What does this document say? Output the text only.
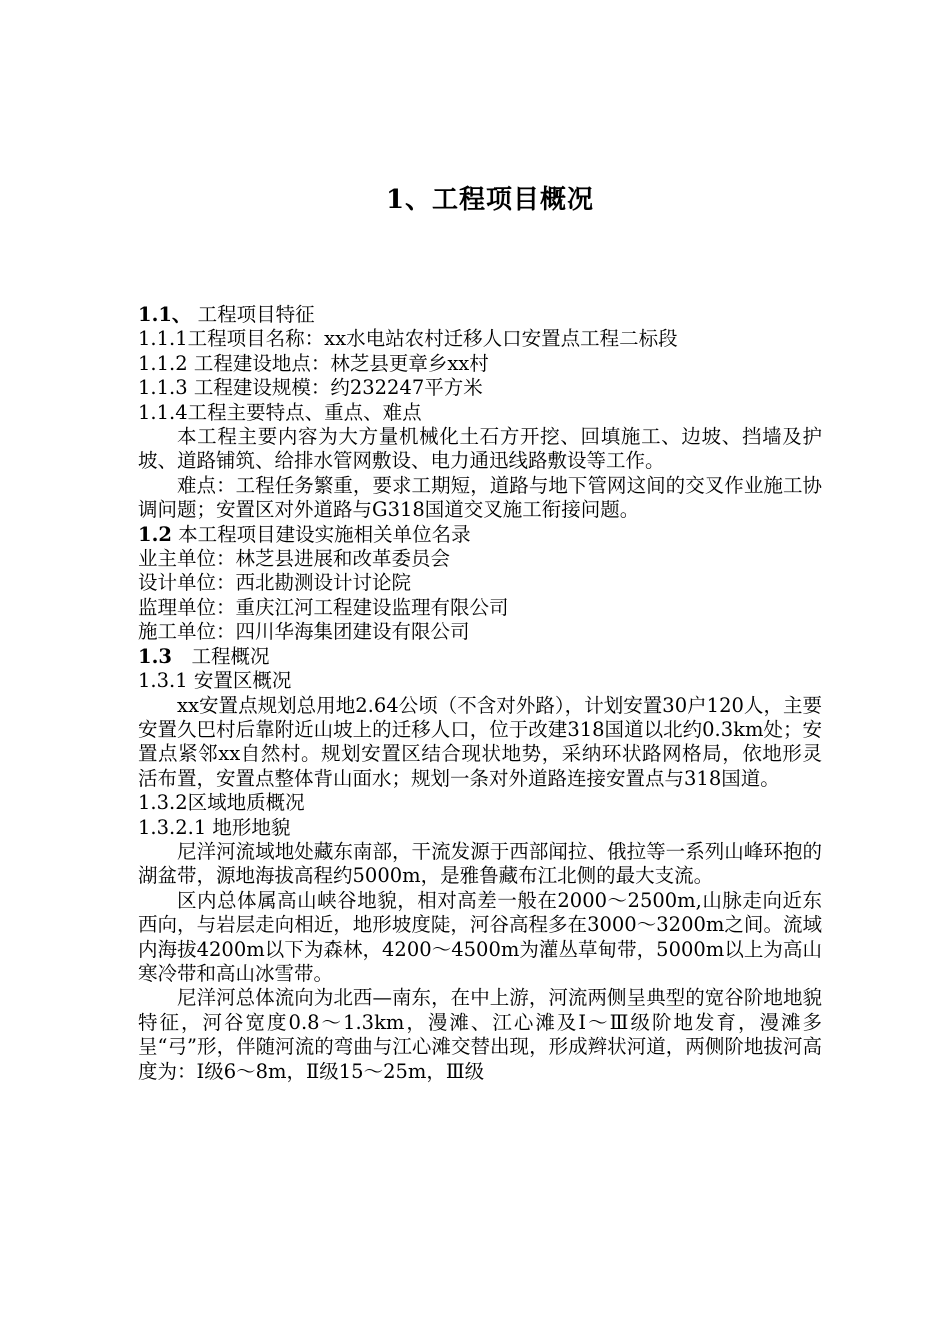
1、工程项目概况

1.1、 工程项目特征

1.1.1工程项目名称：xx水电站农村迁移人口安置点工程二标段

1.1.2 工程建设地点：林芝县更章乡xx村

1.1.3 工程建设规模：约232247平方米

1.1.4工程主要特点、重点、难点

本工程主要内容为大方量机械化土石方开挖、回填施工、边坡、挡墙及护坡、道路铺筑、给排水管网敷设、电力通迅线路敷设等工作。

难点：工程任务繁重，要求工期短，道路与地下管网这间的交叉作业施工协调问题；安置区对外道路与G318国道交叉施工衔接问题。

1.2 本工程项目建设实施相关单位名录

业主单位：林芝县进展和改革委员会

设计单位：西北勘测设计讨论院

监理单位：重庆江河工程建设监理有限公司

施工单位：四川华海集团建设有限公司

1.3　工程概况

1.3.1 安置区概况

xx安置点规划总用地2.64公顷（不含对外路），计划安置30户120人，主要安置久巴村后靠附近山坡上的迁移人口，位于改建318国道以北约0.3km处；安置点紧邻xx自然村。规划安置区结合现状地势，采纳环状路网格局，依地形灵活布置，安置点整体背山面水；规划一条对外道路连接安置点与318国道。

1.3.2区域地质概况

1.3.2.1 地形地貌

尼洋河流域地处藏东南部，干流发源于西部闻拉、俄拉等一系列山峰环抱的湖盆带，源地海拔高程约5000m，是雅鲁藏布江北侧的最大支流。

区内总体属高山峡谷地貌，相对高差一般在2000～2500m,山脉走向近东西向，与岩层走向相近，地形坡度陡，河谷高程多在3000～3200m之间。流域内海拔4200m以下为森林，4200～4500m为灌丛草甸带，5000m以上为高山寒冷带和高山冰雪带。

尼洋河总体流向为北西—南东，在中上游，河流两侧呈典型的宽谷阶地地貌特征，河谷宽度0.8～1.3km，漫滩、江心滩及Ⅰ～Ⅲ级阶地发育，漫滩多呈“弓”形，伴随河流的弯曲与江心滩交替出现，形成辫状河道，两侧阶地拔河高度为：Ⅰ级6～8m，Ⅱ级15～25m，Ⅲ级
